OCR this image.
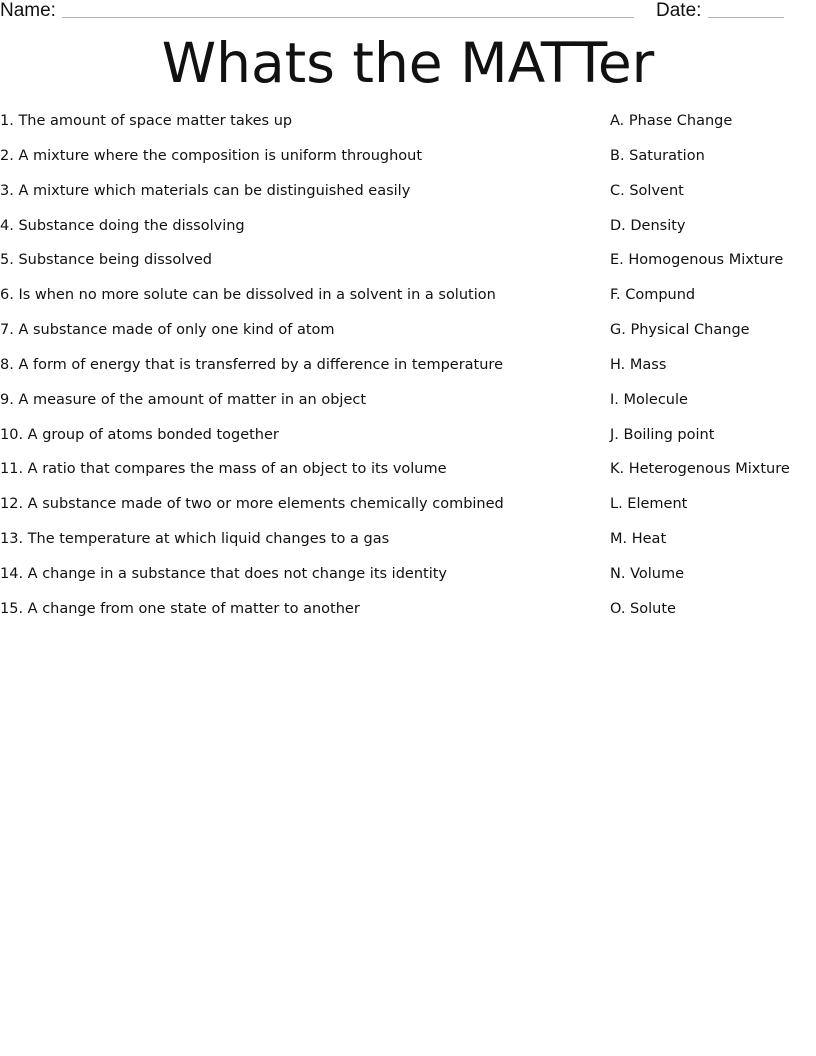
Name:	Date:
Whats the MATTer
1. The amount of space matter takes up	A. Phase Change
2. A mixture where the composition is uniform throughout	B. Saturation
3. A mixture which materials can be distinguished easily	C. Solvent
4. Substance doing the dissolving	D. Density
5. Substance being dissolved	E. Homogenous Mixture
6. Is when no more solute can be dissolved in a solvent in a solution	F. Compund
7. A substance made of only one kind of atom	G. Physical Change
8. A form of energy that is transferred by a difference in temperature	H. Mass
9. A measure of the amount of matter in an object	I. Molecule
10. A group of atoms bonded together	J. Boiling point
11. A ratio that compares the mass of an object to its volume	K. Heterogenous Mixture
12. A substance made of two or more elements chemically combined	L. Element
13. The temperature at which liquid changes to a gas	M. Heat
14. A change in a substance that does not change its identity	N. Volume
15. A change from one state of matter to another	O. Solute
